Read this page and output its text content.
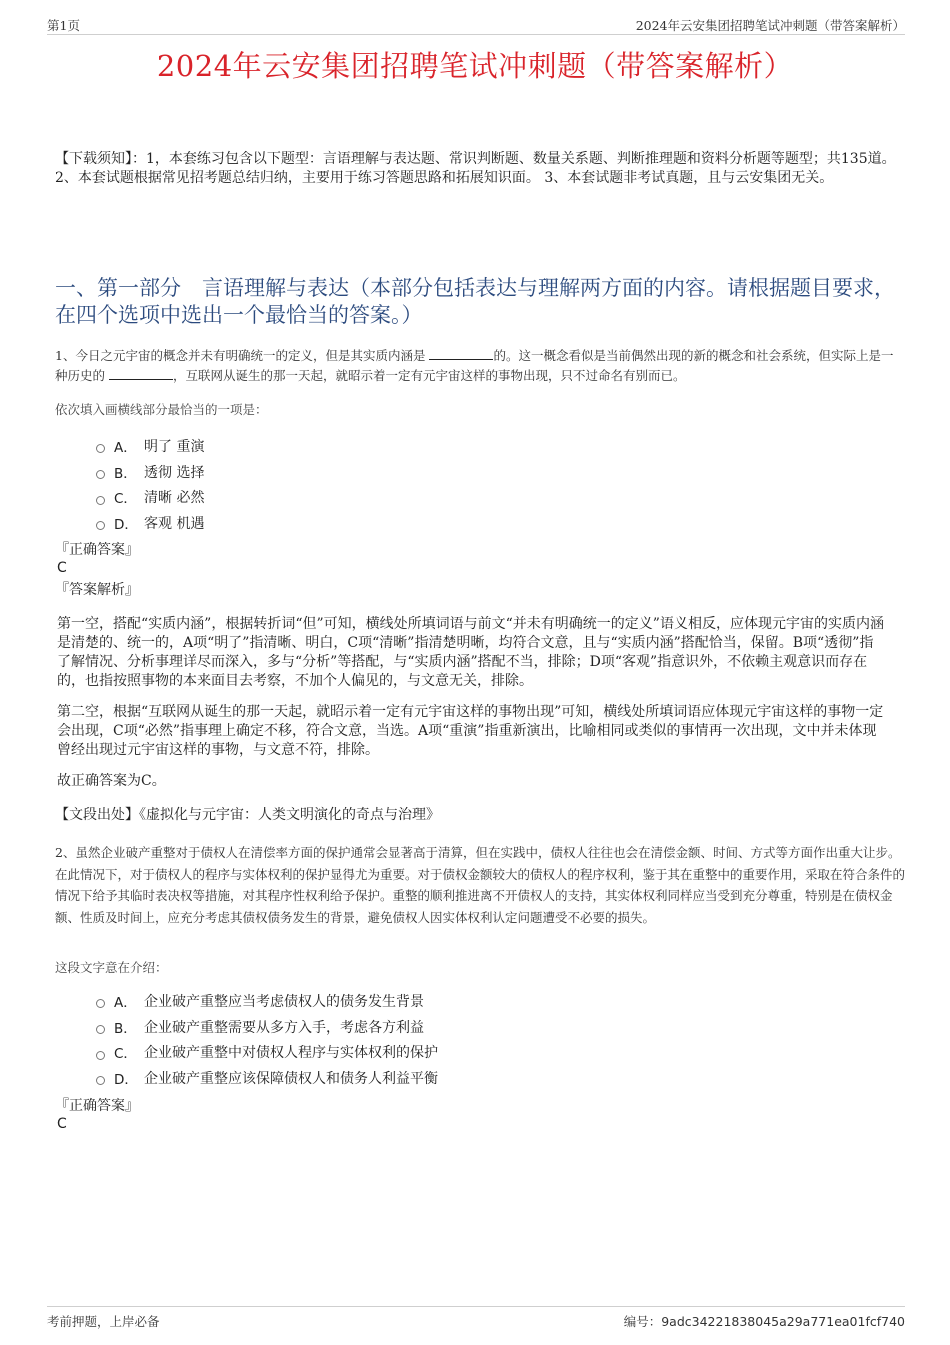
第1页	2024年云安集团招聘笔试冲刺题（带答案解析）
2024年云安集团招聘笔试冲刺题（带答案解析）
【下载须知】：1，本套练习包含以下题型：言语理解与表达题、常识判断题、数量关系题、判断推理题和资料分析题等题型；共135道。 2、本套试题根据常见招考题总结归纳，主要用于练习答题思路和拓展知识面。 3、本套试题非考试真题，且与云安集团无关。
一、第一部分　言语理解与表达（本部分包括表达与理解两方面的内容。请根据题目要求，在四个选项中选出一个最恰当的答案。）
1、今日之元宇宙的概念并未有明确统一的定义，但是其实质内涵是	的。这一概念看似是当前偶然出现的新的概念和社会系统，但实际上是一种历史的	，互联网从诞生的那一天起，就昭示着一定有元宇宙这样的事物出现，只不过命名有别而已。
依次填入画横线部分最恰当的一项是：
A． 明了 重演
B． 透彻 选择
C． 清晰 必然
D． 客观 机遇
『正确答案』
C
『答案解析』
第一空，搭配“实质内涵”，根据转折词“但”可知，横线处所填词语与前文“并未有明确统一的定义”语义相反，应体现元宇宙的实质内涵是清楚的、统一的，A项“明了”指清晰、明白，C项“清晰”指清楚明晰，均符合文意，且与“实质内涵”搭配恰当，保留。B项“透彻”指了解情况、分析事理详尽而深入，多与“分析”等搭配，与“实质内涵”搭配不当，排除；D项“客观”指意识外，不依赖主观意识而存在的，也指按照事物的本来面目去考察，不加个人偏见的，与文意无关，排除。
第二空，根据“互联网从诞生的那一天起，就昭示着一定有元宇宙这样的事物出现”可知，横线处所填词语应体现元宇宙这样的事物一定会出现，C项“必然”指事理上确定不移，符合文意，当选。A项“重演”指重新演出，比喻相同或类似的事情再一次出现，文中并未体现曾经出现过元宇宙这样的事物，与文意不符，排除。
故正确答案为C。
【文段出处】《虚拟化与元宇宙：人类文明演化的奇点与治理》
2、虽然企业破产重整对于债权人在清偿率方面的保护通常会显著高于清算，但在实践中，债权人往往也会在清偿金额、时间、方式等方面作出重大让步。在此情况下，对于债权人的程序与实体权利的保护显得尤为重要。对于债权金额较大的债权人的程序权利，鉴于其在重整中的重要作用，采取在符合条件的情况下给予其临时表决权等措施，对其程序性权利给予保护。重整的顺利推进离不开债权人的支持，其实体权利同样应当受到充分尊重，特别是在债权金额、性质及时间上，应充分考虑其债权债务发生的背景，避免债权人因实体权利认定问题遭受不必要的损失。
这段文字意在介绍：
A． 企业破产重整应当考虑债权人的债务发生背景
B． 企业破产重整需要从多方入手，考虑各方利益
C． 企业破产重整中对债权人程序与实体权利的保护
D． 企业破产重整应该保障债权人和债务人利益平衡
『正确答案』
C
考前押题，上岸必备	编号：9adc34221838045a29a771ea01fcf740
